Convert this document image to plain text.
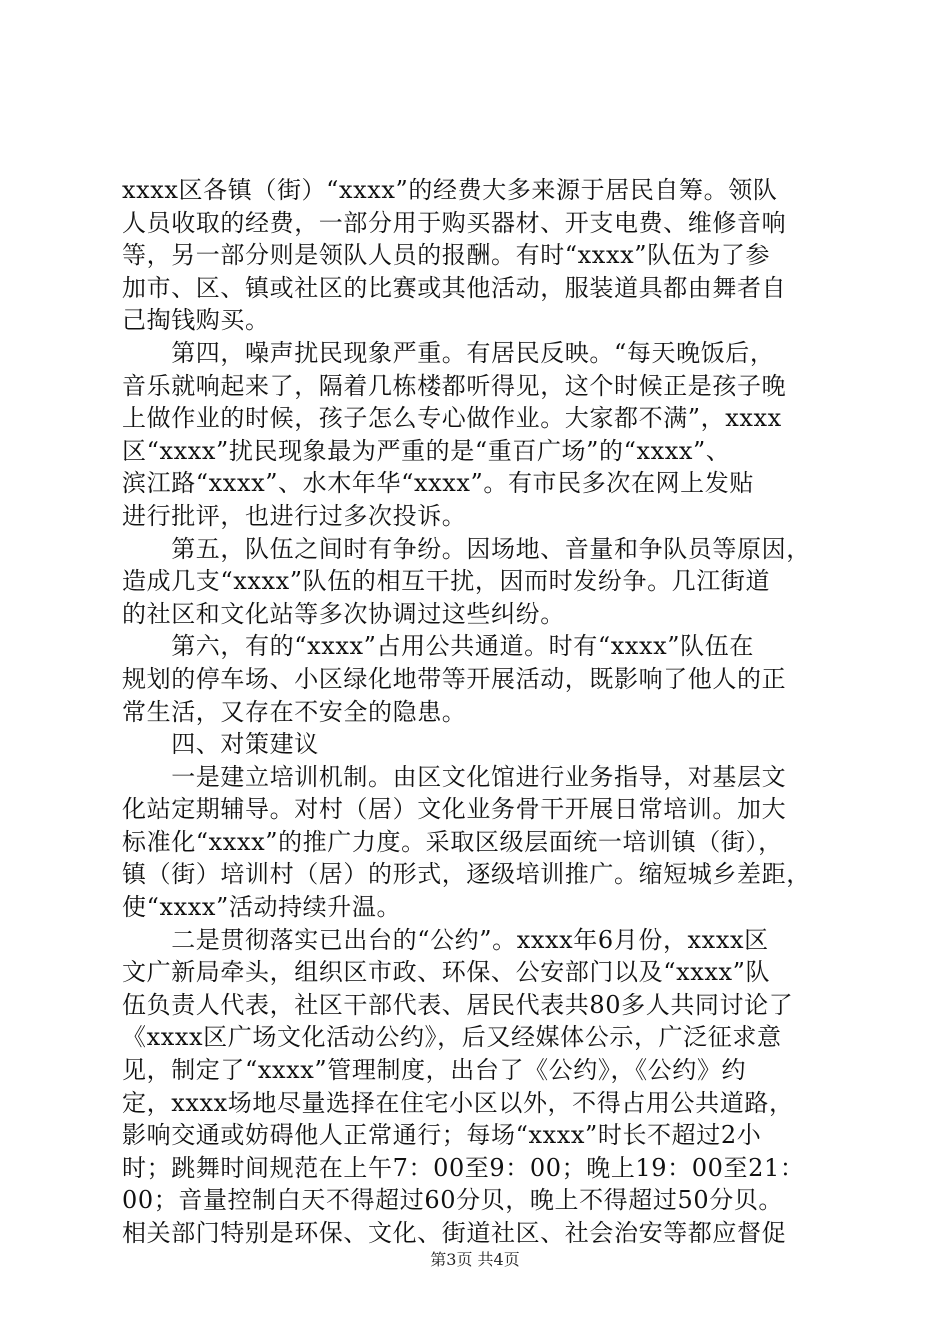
xxxx区各镇（街）“xxxx”的经费大多来源于居民自筹。领队
人员收取的经费，一部分用于购买器材、开支电费、维修音响
等，另一部分则是领队人员的报酬。有时“xxxx”队伍为了参
加市、区、镇或社区的比赛或其他活动，服装道具都由舞者自
己掏钱购买。
　　第四，噪声扰民现象严重。有居民反映。“每天晚饭后，
音乐就响起来了，隔着几栋楼都听得见，这个时候正是孩子晚
上做作业的时候，孩子怎么专心做作业。大家都不满”，xxxx
区“xxxx”扰民现象最为严重的是“重百广场”的“xxxx”、
滨江路“xxxx”、水木年华“xxxx”。有市民多次在网上发贴
进行批评，也进行过多次投诉。
　　第五，队伍之间时有争纷。因场地、音量和争队员等原因，
造成几支“xxxx”队伍的相互干扰，因而时发纷争。几江街道
的社区和文化站等多次协调过这些纠纷。
　　第六，有的“xxxx”占用公共通道。时有“xxxx”队伍在
规划的停车场、小区绿化地带等开展活动，既影响了他人的正
常生活，又存在不安全的隐患。
　　四、对策建议
　　一是建立培训机制。由区文化馆进行业务指导，对基层文
化站定期辅导。对村（居）文化业务骨干开展日常培训。加大
标准化“xxxx”的推广力度。采取区级层面统一培训镇（街），
镇（街）培训村（居）的形式，逐级培训推广。缩短城乡差距，
使“xxxx”活动持续升温。
　　二是贯彻落实已出台的“公约”。xxxx年6月份，xxxx区
文广新局牵头，组织区市政、环保、公安部门以及“xxxx”队
伍负责人代表，社区干部代表、居民代表共80多人共同讨论了
《xxxx区广场文化活动公约》，后又经媒体公示，广泛征求意
见，制定了“xxxx”管理制度，出台了《公约》，《公约》约
定，xxxx场地尽量选择在住宅小区以外，不得占用公共道路，
影响交通或妨碍他人正常通行；每场“xxxx”时长不超过2小
时；跳舞时间规范在上午7：00至9：00；晚上19：00至21：
00；音量控制白天不得超过60分贝，晚上不得超过50分贝。
相关部门特别是环保、文化、街道社区、社会治安等都应督促
第3页 共4页
